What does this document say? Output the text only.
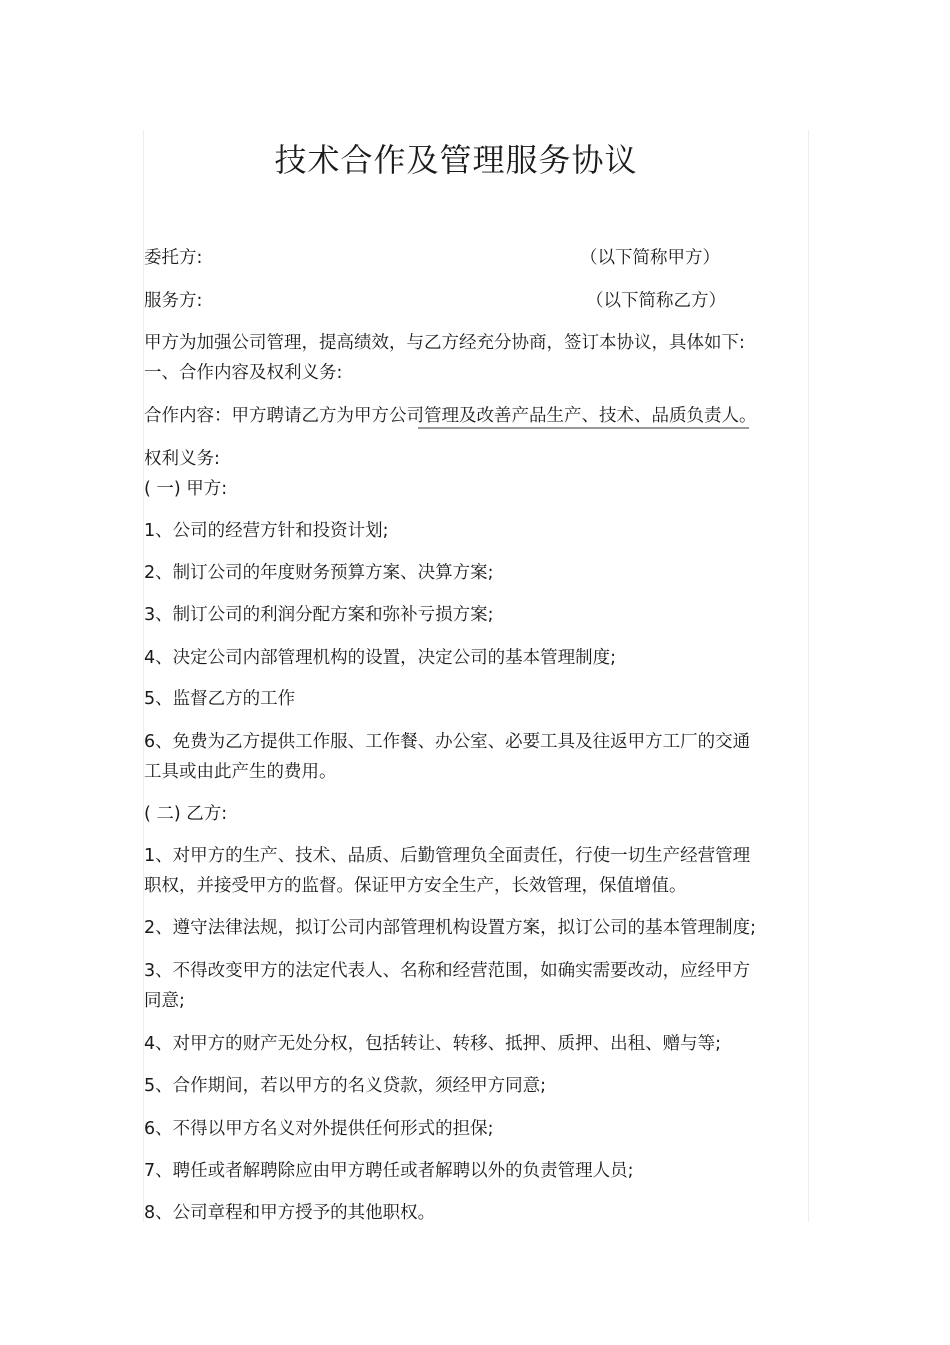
技术合作及管理服务协议
委托方:	（以下简称甲方）
服务方:	（以下简称乙方）
甲方为加强公司管理，提高绩效，与乙方经充分协商，签订本协议，具体如下:
一、合作内容及权利义务:
合作内容：甲方聘请乙方为甲方公司管理及改善产品生产、技术、品质负责人。
权利义务:
( 一) 甲方:
1、公司的经营方针和投资计划;
2、制订公司的年度财务预算方案、决算方案;
3、制订公司的利润分配方案和弥补亏损方案;
4、决定公司内部管理机构的设置，决定公司的基本管理制度;
5、监督乙方的工作
6、免费为乙方提供工作服、工作餐、办公室、必要工具及往返甲方工厂的交通
工具或由此产生的费用。
( 二) 乙方:
1、对甲方的生产、技术、品质、后勤管理负全面责任，行使一切生产经营管理
职权，并接受甲方的监督。保证甲方安全生产，长效管理，保值增值。
2、遵守法律法规，拟订公司内部管理机构设置方案，拟订公司的基本管理制度;
3、不得改变甲方的法定代表人、名称和经营范围，如确实需要改动，应经甲方
同意;
4、对甲方的财产无处分权，包括转让、转移、抵押、质押、出租、赠与等;
5、合作期间，若以甲方的名义贷款，须经甲方同意;
6、不得以甲方名义对外提供任何形式的担保;
7、聘任或者解聘除应由甲方聘任或者解聘以外的负责管理人员;
8、公司章程和甲方授予的其他职权。
